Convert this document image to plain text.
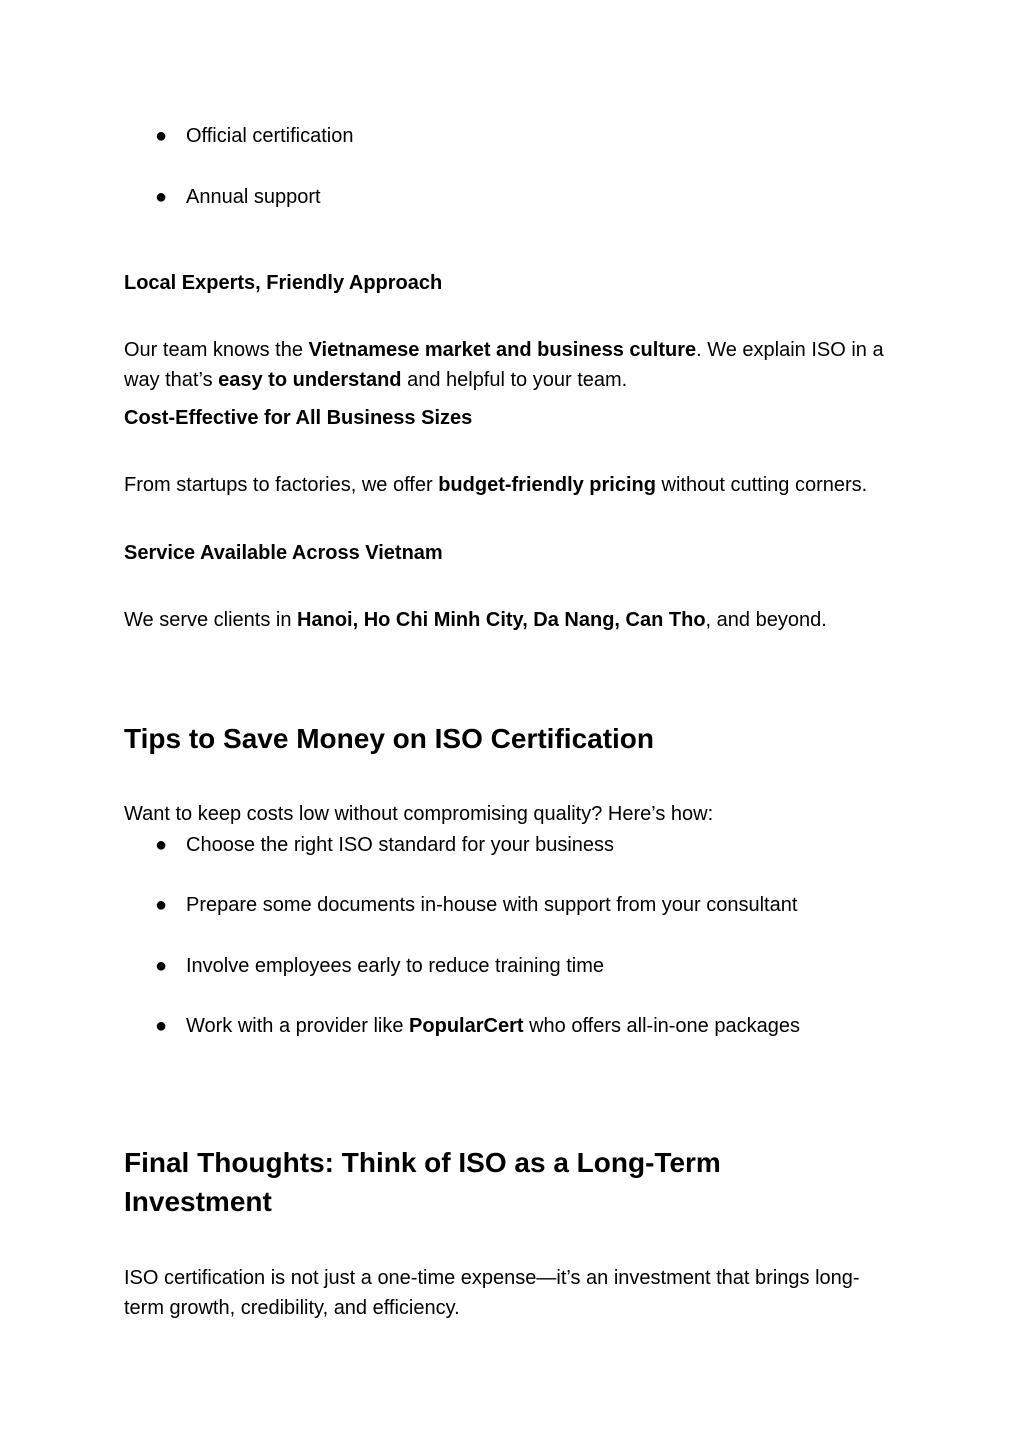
● Official certification
● Annual support
Local Experts, Friendly Approach

Our team knows the Vietnamese market and business culture. We explain ISO in a way that’s easy to understand and helpful to your team.

Cost-Effective for All Business Sizes

From startups to factories, we offer budget-friendly pricing without cutting corners.

Service Available Across Vietnam

We serve clients in Hanoi, Ho Chi Minh City, Da Nang, Can Tho, and beyond.

Tips to Save Money on ISO Certification

Want to keep costs low without compromising quality? Here’s how:

● Choose the right ISO standard for your business
● Prepare some documents in-house with support from your consultant
● Involve employees early to reduce training time
● Work with a provider like PopularCert who offers all-in-one packages
Final Thoughts: Think of ISO as a Long-Term Investment

ISO certification is not just a one-time expense—it’s an investment that brings long-term growth, credibility, and efficiency.
